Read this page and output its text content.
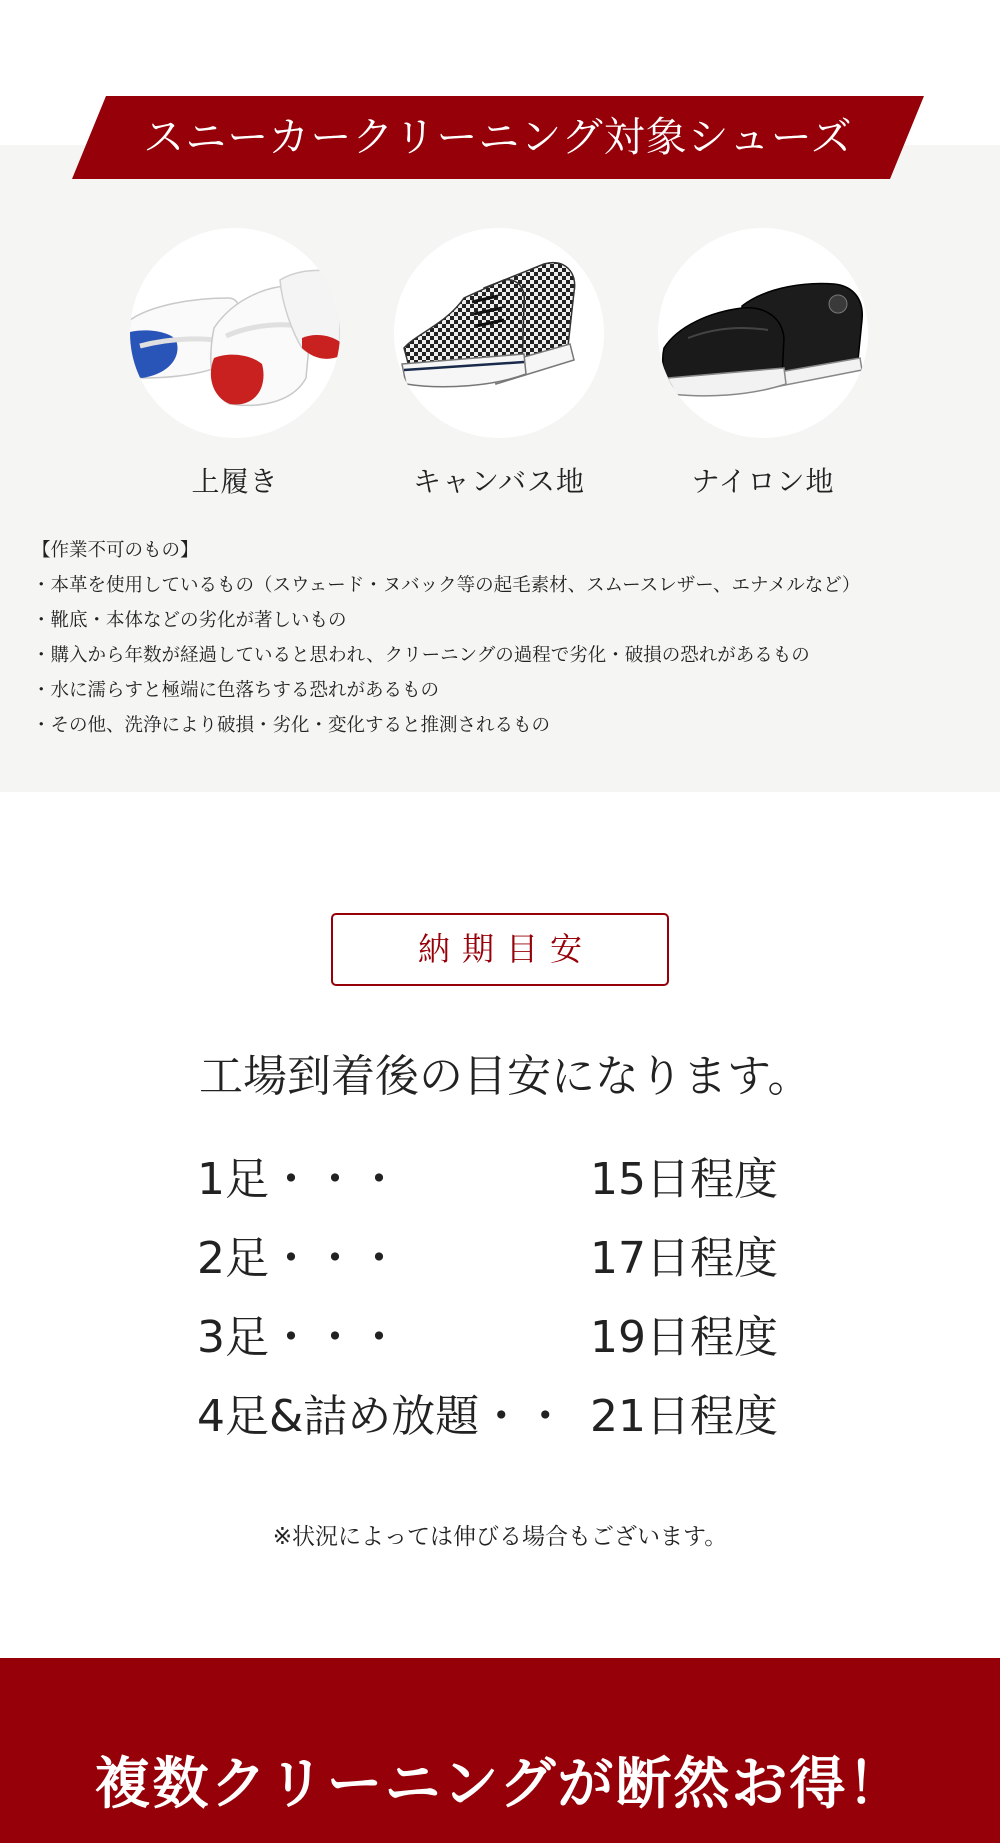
スニーカークリーニング対象シューズ
上履き	キャンバス地	ナイロン地
【作業不可のもの】
・本革を使用しているもの（スウェード・ヌバック等の起毛素材、スムースレザー、エナメルなど）
・靴底・本体などの劣化が著しいもの
・購入から年数が経過していると思われ、クリーニングの過程で劣化・破損の恐れがあるもの
・水に濡らすと極端に色落ちする恐れがあるもの
・その他、洗浄により破損・劣化・変化すると推測されるもの
納期目安
工場到着後の目安になります。
1足・・・	15日程度
2足・・・	17日程度
3足・・・	19日程度
4足&詰め放題・・ 21日程度
※状況によっては伸びる場合もございます。
複数クリーニングが断然お得！
